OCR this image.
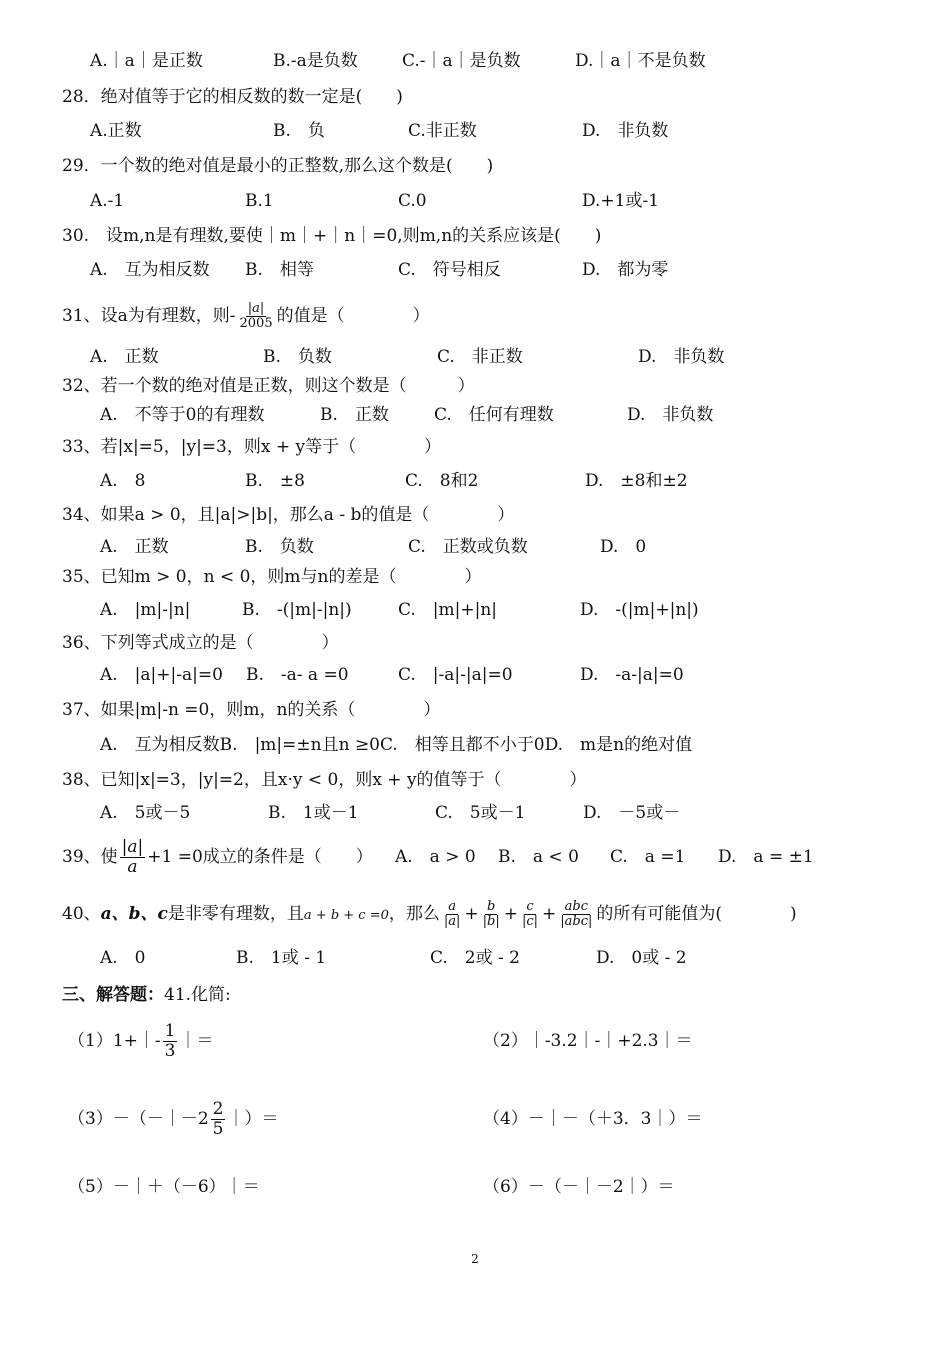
A.｜a｜是正数	B.-a是负数	C.-｜a｜是负数	D.｜a｜不是负数
28．绝对值等于它的相反数的数一定是(　　)
A.正数	B.　负	C.非正数	D.　非负数
29．一个数的绝对值是最小的正整数,那么这个数是(　　)
A.-1	B.1	C.0	D.+1或-1
30.　设m,n是有理数,要使｜m｜+｜n｜=0,则m,n的关系应该是(　　)
A.　互为相反数 B.　相等	C.　符号相反	D.　都为零
31、设a为有理数，则- $\frac{|a|}{2005}$ 的值是（　　　　）
A.　正数	B.　负数	C.　非正数	D.　非负数
32、若一个数的绝对值是正数，则这个数是（　　　）
A.　不等于0的有理数	B.　正数	C.　任何有理数	D.　非负数
33、若|x|=5，|y|=3，则x + y等于（　　　　）
A.　8	B.　±8	C.　8和2	D.　±8和±2
34、如果a > 0，且|a|>|b|，那么a - b的值是（　　　　）
A.　正数	B.　负数	C.　正数或负数	D.　0
35、已知m > 0，n < 0，则m与n的差是（　　　　）
A.　|m|-|n|	B.　-(|m|-|n|)	C.　|m|+|n|	D.　-(|m|+|n|)
36、下列等式成立的是（　　　　）
A.　|a|+|-a|=0 B.　-a- a =0	C.　|-a|-|a|=0	D.　-a-|a|=0
37、如果|m|-n =0，则m，n的关系（　　　　）
A.　互为相反数B.　|m|=±n且n ≥0C.　相等且都不小于0D.　m是n的绝对值
38、已知|x|=3，|y|=2，且x·y < 0，则x + y的值等于（　　　　）
A.　5或－5	B.　1或－1	C.　5或－1	D.　－5或－
39、使 $\frac{|a|}{a} +1 =0$成立的条件是（　　） A.　a > 0 B.　a < 0 C.　a =1 D.　a = ±1
40、a、b、c是非零有理数，且a + b + c =0，那么 $\frac{a}{|a|} + \frac{b}{|b|} + \frac{c}{|c|} + \frac{\text{abc}}{\text{|abc|}}$ 的所有可能值为(　　　　)
A.　0	B.　1或 - 1	C.　2或 - 2	D.　0或 - 2
三、解答题：41.化简:
（1）1+｜- $\frac{1}{3}$ ｜＝	（2）｜-3.2｜-｜+2.3｜＝
（3）－（－｜－2 $\frac{2}{5}$ ｜）＝	（4）－｜－（＋3．3｜）＝
（5）－｜＋（－6）｜＝	（6）－（－｜－2｜）＝
2
